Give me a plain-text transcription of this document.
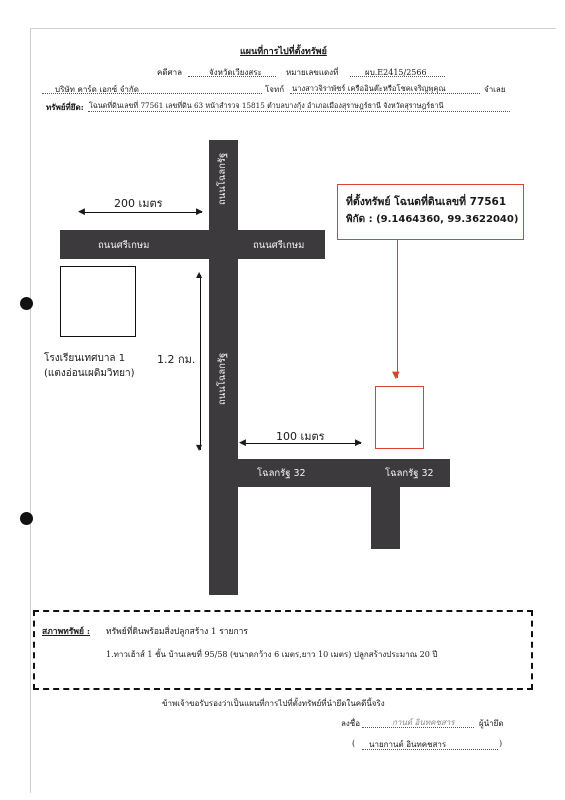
แผนที่การไปที่ตั้งทรัพย์
คดีศาล	จังหวัดเวียงสระ	หมายเลขแดงที่	ผบ.E2415/2566
บริษัท คาร์ด เอกซ์ จำกัด	โจทก์ นางสาวจิราพัชร์ เครืออินต๊ะหรือโชคเจริญพุคุณ	จำเลย
ทรัพย์ที่ยึด: โฉนดที่ดินเลขที่ 77561 เลขที่ดิน 63 หน้าสำรวจ 15815 ตำบลบางกุ้ง อำเภอเมืองสุราษฎร์ธานี จังหวัดสุราษฎร์ธานี
ถนนโฉลกรัฐ
ถนนโฉลกรัฐ
ถนนศรีเกษม	ถนนศรีเกษม
โฉลกรัฐ 32	โฉลกรัฐ 32
โรงเรียนเทศบาล 1
(แตงอ่อนเผดิมวิทยา)
◀	▶
200 เมตร
▲
▼
1.2 กม.
◀	▶
100 เมตร
ที่ตั้งทรัพย์ โฉนดที่ดินเลขที่ 77561
พิกัด : (9.1464360, 99.3622040)
▼
สภาพทรัพย์ : ทรัพย์ที่ดินพร้อมสิ่งปลูกสร้าง 1 รายการ
1.ทาวเฮ้าส์ 1 ชั้น บ้านเลขที่ 95/58 (ขนาดกว้าง 6 เมตร,ยาว 10 เมตร) ปลูกสร้างประมาณ 20 ปี
ข้าพเจ้าขอรับรองว่าเป็นแผนที่การไปที่ตั้งทรัพย์ที่นำยึดในคดีนี้จริง
ลงชื่อ	กานต์ อินทคชสาร	ผู้นำยึด
( นายกานต์ อินทคชสาร	)
